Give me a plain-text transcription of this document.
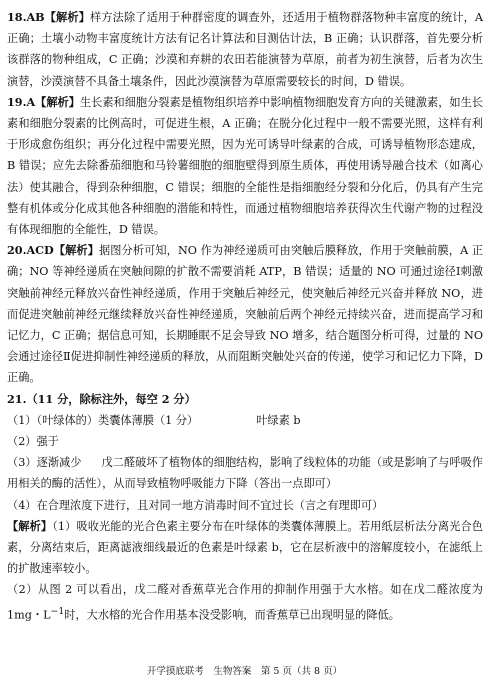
18.AB【解析】样方法除了适用于种群密度的调查外，还适用于植物群落物种丰富度的统计，A 正确；土壤小动物丰富度统计方法有记名计算法和目测估计法，B 正确；认识群落，首先要分析该群落的物种组成，C 正确；沙漠和弃耕的农田若能演替为草原，前者为初生演替，后者为次生演替，沙漠演替不具备土壤条件，因此沙漠演替为草原需要较长的时间，D 错误。

19.A【解析】生长素和细胞分裂素是植物组织培养中影响植物细胞发育方向的关键激素，如生长素和细胞分裂素的比例高时，可促进生根，A 正确；在脱分化过程中一般不需要光照，这样有利于形成愈伤组织；再分化过程中需要光照，因为光可诱导叶绿素的合成，可诱导植物形态建成，B 错误；应先去除番茄细胞和马铃薯细胞的细胞壁得到原生质体，再使用诱导融合技术（如离心法）使其融合，得到杂种细胞，C 错误；细胞的全能性是指细胞经分裂和分化后，仍具有产生完整有机体或分化成其他各种细胞的潜能和特性，而通过植物细胞培养获得次生代谢产物的过程没有体现细胞的全能性，D 错误。

20.ACD【解析】据图分析可知，NO 作为神经递质可由突触后膜释放，作用于突触前膜，A 正确；NO 等神经递质在突触间隙的扩散不需要消耗 ATP，B 错误；适量的 NO 可通过途径Ⅰ刺激突触前神经元释放兴奋性神经递质，作用于突触后神经元，使突触后神经元兴奋并释放 NO，进而促进突触前神经元继续释放兴奋性神经递质，突触前后两个神经元持续兴奋，进而提高学习和记忆力，C 正确；据信息可知，长期睡眠不足会导致 NO 增多，结合题图分析可得，过量的 NO 会通过途径Ⅱ促进抑制性神经递质的释放，从而阻断突触处兴奋的传递，使学习和记忆力下降，D 正确。

21.（11 分，除标注外，每空 2 分）

（1）（叶绿体的）类囊体薄膜（1 分）	叶绿素 b

（2）强于

（3）逐渐减少 戊二醛破坏了植物体的细胞结构，影响了线粒体的功能（或是影响了与呼吸作用相关的酶的活性），从而导致植物呼吸能力下降（答出一点即可）

（4）在合理浓度下进行，且对同一地方消毒时间不宜过长（言之有理即可）

【解析】（1）吸收光能的光合色素主要分布在叶绿体的类囊体薄膜上。若用纸层析法分离光合色素，分离结束后，距离滤液细线最近的色素是叶绿素 b，它在层析液中的溶解度较小，在滤纸上的扩散速率较小。

（2）从图 2 可以看出，戊二醛对香蕉草光合作用的抑制作用强于大水榕。如在戊二醛浓度为 1mg・$L^{-1}$时，大水榕的光合作用基本没受影响，而香蕉草已出现明显的降低。

开学摸底联考　生物答案　第 5 页（共 8 页）
